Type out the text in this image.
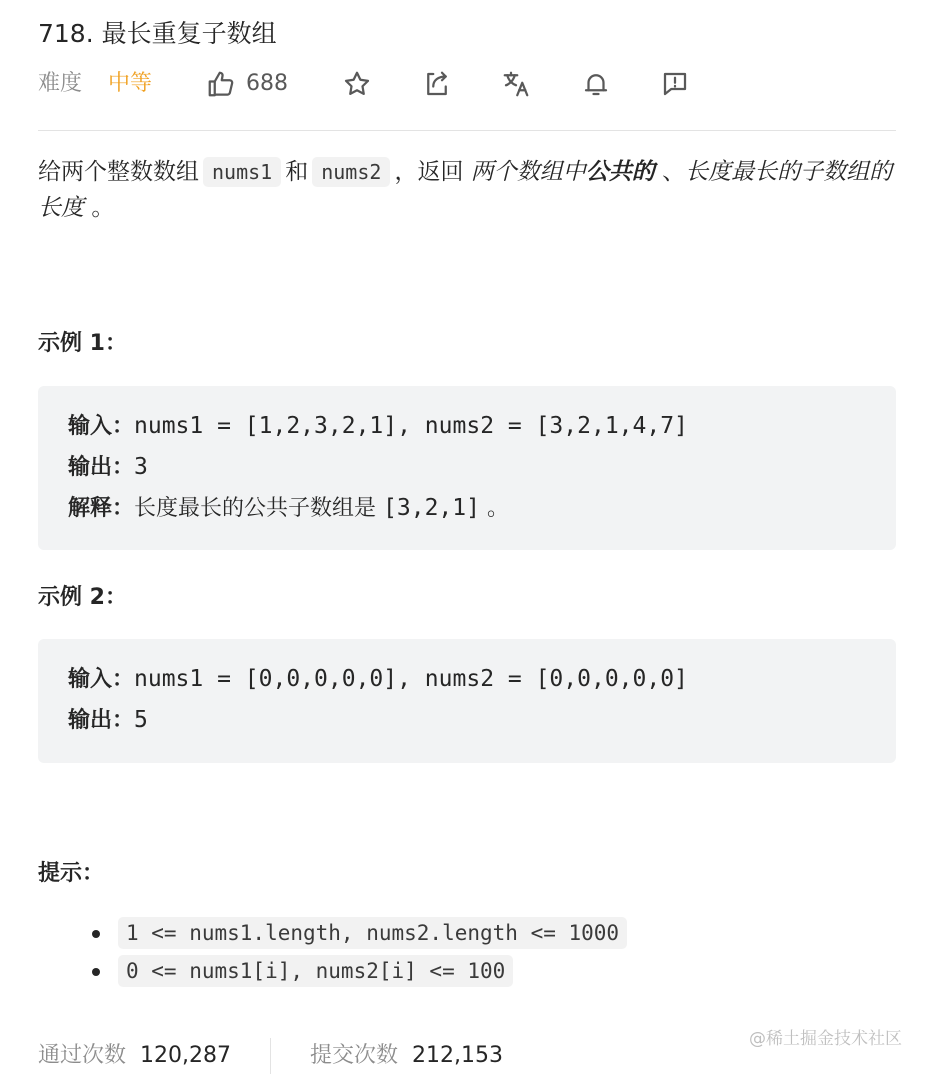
718. 最长重复子数组
难度 中等	688
给两个整数数组 nums1 和 nums2 ，返回 两个数组中公共的 、长度最长的子数组的长度 。
示例 1：
输入：nums1 = [1,2,3,2,1], nums2 = [3,2,1,4,7]
输出：3
解释：长度最长的公共子数组是 [3,2,1] 。
示例 2：
输入：nums1 = [0,0,0,0,0], nums2 = [0,0,0,0,0]
输出：5
提示：
1 <= nums1.length, nums2.length <= 1000
0 <= nums1[i], nums2[i] <= 100
@稀土掘金技术社区
通过次数 120,287	提交次数 212,153
